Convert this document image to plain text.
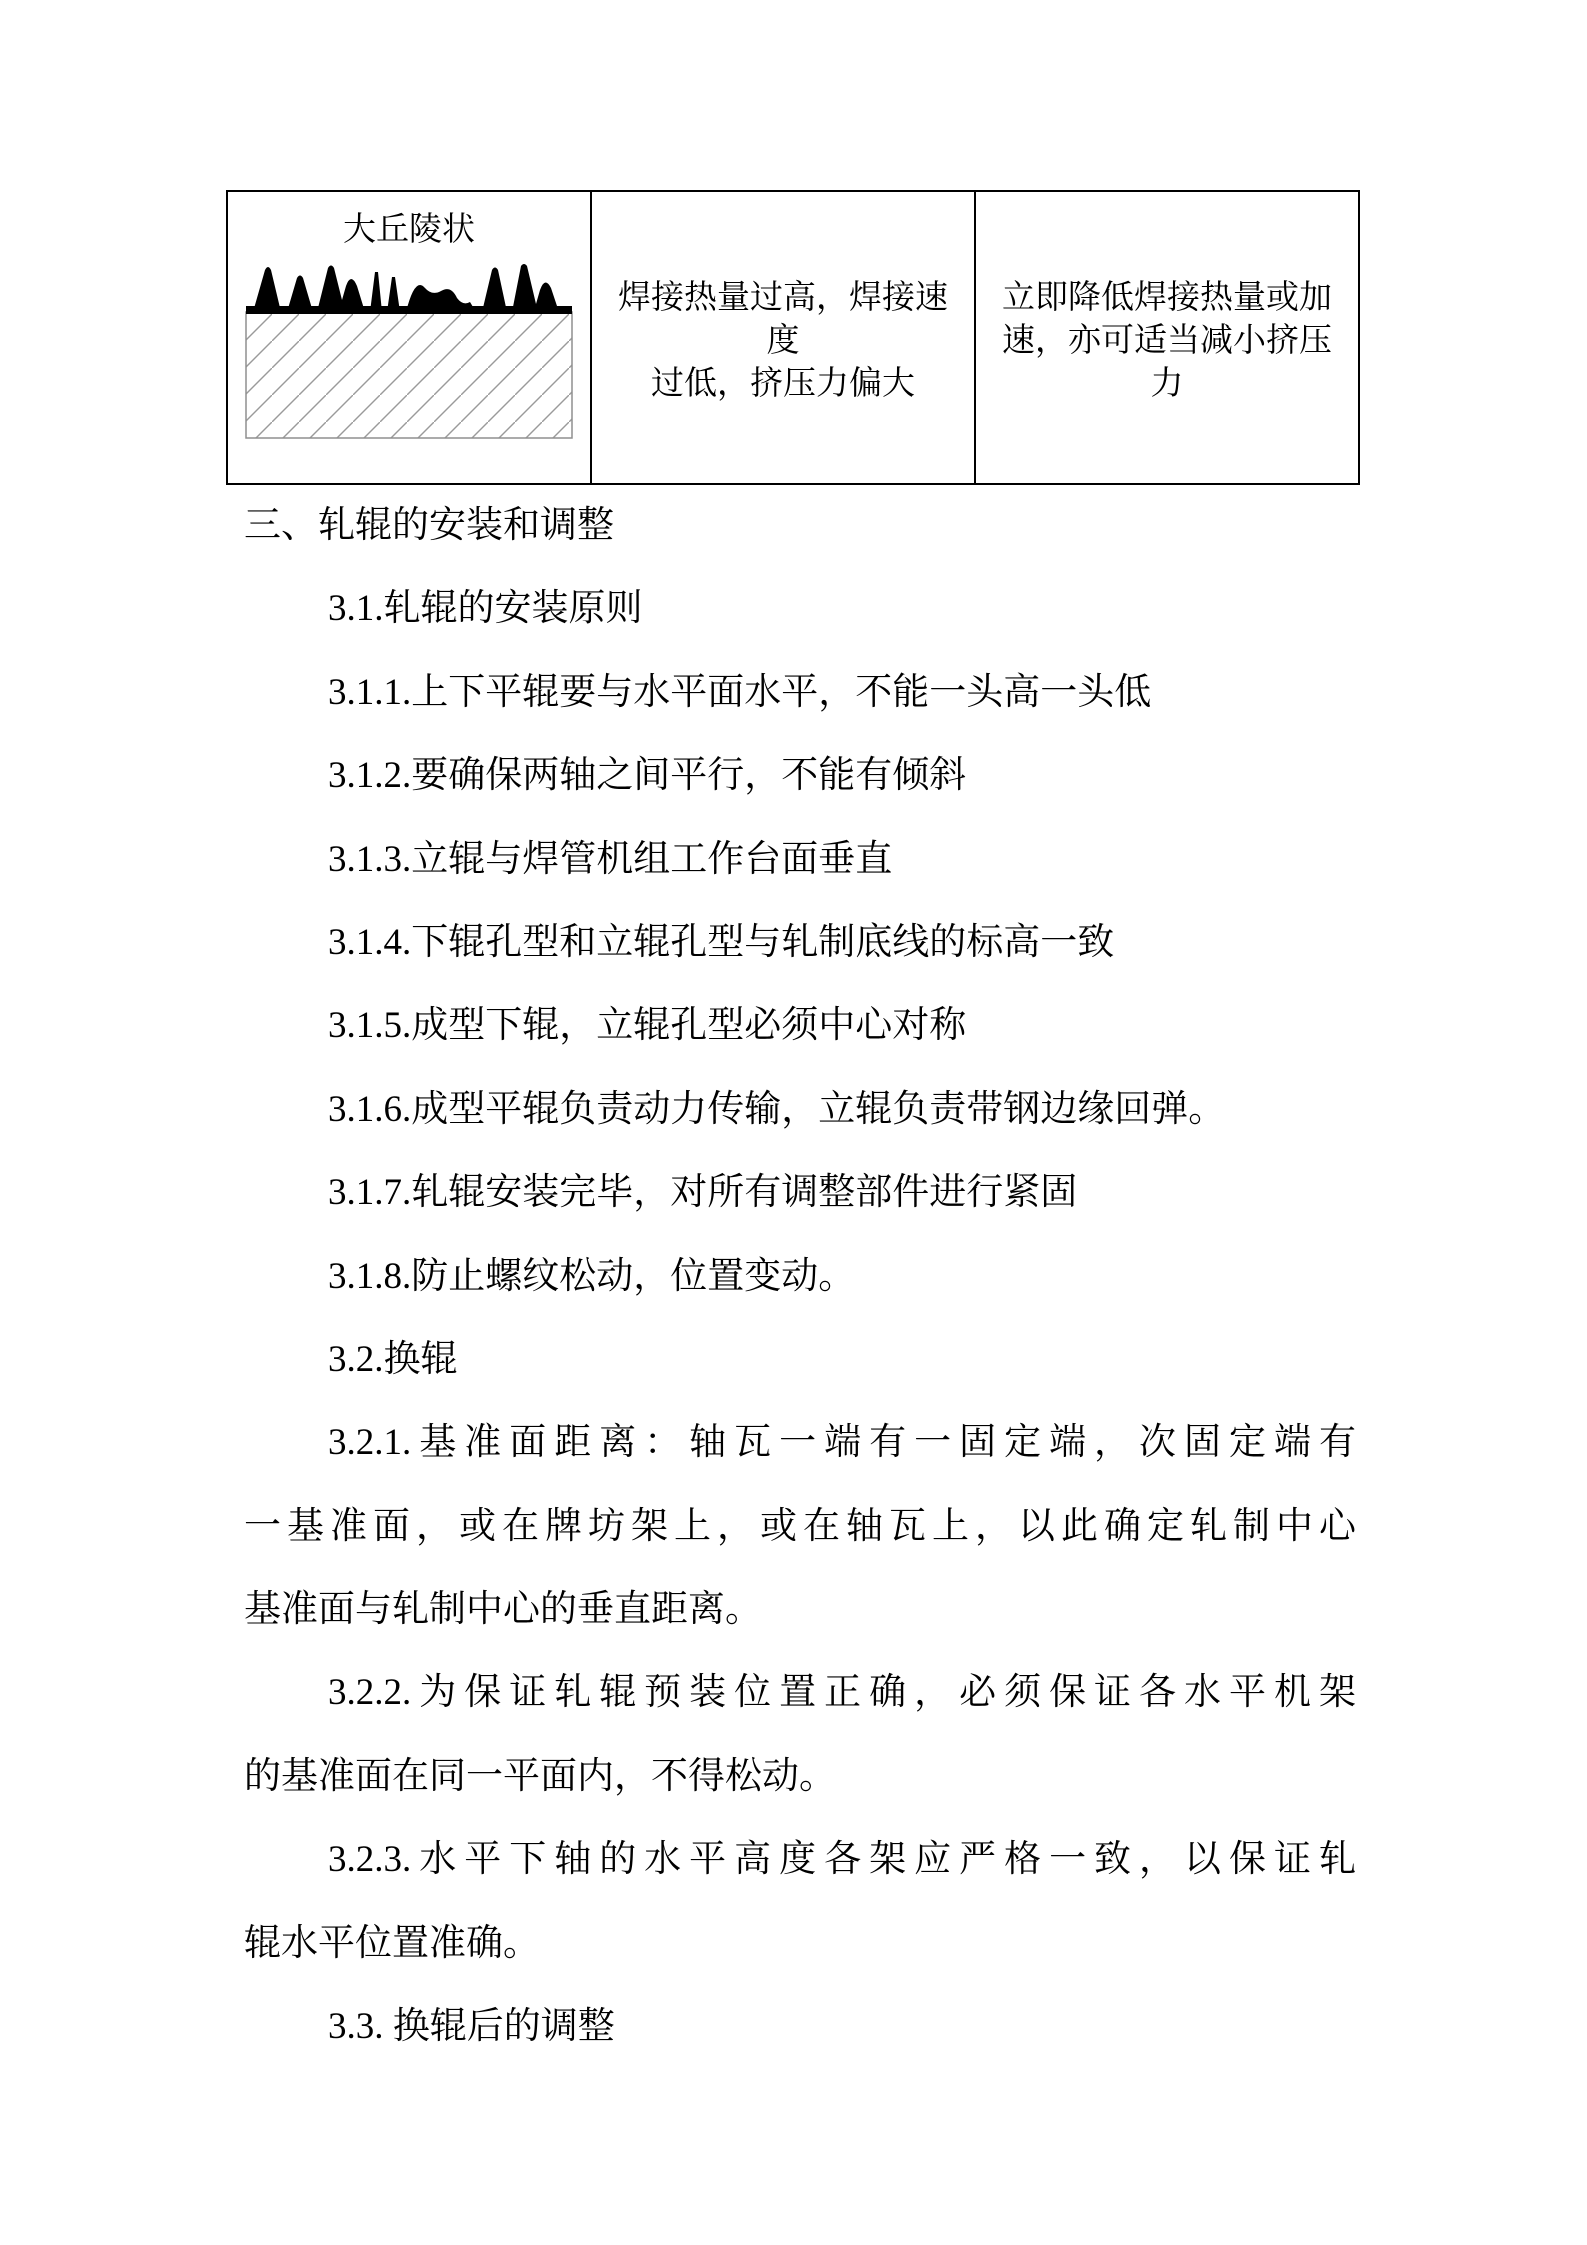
大丘陵状
焊接热量过高，焊接速度
过低，挤压力偏大
立即降低焊接热量或加
速，亦可适当减小挤压力
三、轧辊的安装和调整
3.1.轧辊的安装原则
3.1.1.上下平辊要与水平面水平，不能一头高一头低
3.1.2.要确保两轴之间平行，不能有倾斜
3.1.3.立辊与焊管机组工作台面垂直
3.1.4.下辊孔型和立辊孔型与轧制底线的标高一致
3.1.5.成型下辊，立辊孔型必须中心对称
3.1.6.成型平辊负责动力传输，立辊负责带钢边缘回弹。
3.1.7.轧辊安装完毕，对所有调整部件进行紧固
3.1.8.防止螺纹松动，位置变动。
3.2.换辊
3.2.1.基准面距离：轴瓦一端有一固定端，次固定端有
一基准面，或在牌坊架上，或在轴瓦上，以此确定轧制中心
基准面与轧制中心的垂直距离。
3.2.2.为保证轧辊预装位置正确，必须保证各水平机架
的基准面在同一平面内，不得松动。
3.2.3.水平下轴的水平高度各架应严格一致，以保证轧
辊水平位置准确。
3.3. 换辊后的调整
